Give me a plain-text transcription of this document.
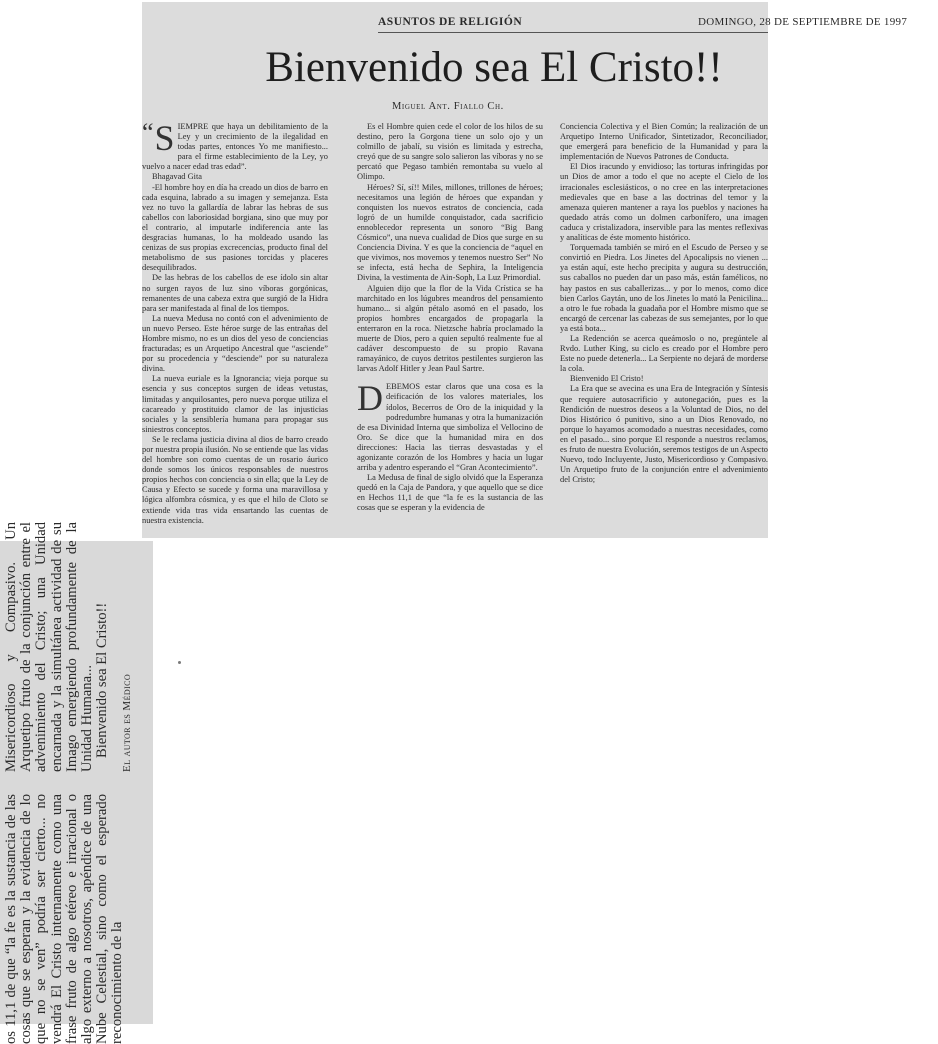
ASUNTOS DE RELIGIÓN	DOMINGO, 28 DE SEPTIEMBRE DE 1997
Bienvenido sea El Cristo!!
Miguel Ant. Fiallo Ch.

“ S IEMPRE que haya un debilitamiento de la Ley y un crecimiento de la ilegalidad en todas partes, entonces Yo me manifiesto... para el firme establecimiento de la Ley, yo vuelvo a nacer edad tras edad”.

Bhagavad Gita

-El hombre hoy en día ha creado un dios de barro en cada esquina, labrado a su imagen y semejanza. Esta vez no tuvo la gallardía de labrar las hebras de sus cabellos con laboriosidad borgiana, sino que muy por el contrario, al imputarle indiferencia ante las desgracias humanas, lo ha moldeado usando las cenizas de sus propias excrecencias, producto final del metabolismo de sus pasiones torcidas y placeres desequilibrados.

De las hebras de los cabellos de ese ídolo sin altar no surgen rayos de luz sino víboras gorgónicas, remanentes de una cabeza extra que surgió de la Hidra para ser manifestada al final de los tiempos.

La nueva Medusa no contó con el advenimiento de un nuevo Perseo. Este héroe surge de las entrañas del Hombre mismo, no es un dios del yeso de conciencias fracturadas; es un Arquetipo Ancestral que “asciende” por su procedencia y “desciende” por su naturaleza divina.

La nueva euriale es la Ignorancia; vieja porque su esencia y sus conceptos surgen de ideas vetustas, limitadas y anquilosantes, pero nueva porque utiliza el cacareado y prostituido clamor de las injusticias sociales y la sensiblería humana para propagar sus siniestros conceptos.

Se le reclama justicia divina al dios de barro creado por nuestra propia ilusión. No se entiende que las vidas del hombre son como cuentas de un rosario áurico donde somos los únicos responsables de nuestros propios hechos con conciencia o sin ella; que la Ley de Causa y Efecto se sucede y forma una maravillosa y lógica alfombra cósmica, y es que el hilo de Cloto se extiende vida tras vida ensartando las cuentas de nuestra existencia.

Es el Hombre quien cede el color de los hilos de su destino, pero la Gorgona tiene un solo ojo y un colmillo de jabalí, su visión es limitada y estrecha, creyó que de su sangre solo salieron las víboras y no se percató que Pegaso también remontaba su vuelo al Olimpo.

Héroes? Sí, sí!! Miles, millones, trillones de héroes; necesitamos una legión de héroes que expandan y conquisten los nuevos estratos de conciencia, cada logró de un humilde conquistador, cada sacrificio ennoblecedor representa un sonoro “Big Bang Cósmico”, una nueva cualidad de Dios que surge en su Conciencia Divina. Y es que la conciencia de “aquel en que vivimos, nos movemos y tenemos nuestro Ser” No se infecta, está hecha de Sephira, la Inteligencia Divina, la vestimenta de Ain-Soph, La Luz Primordial.

Alguien dijo que la flor de la Vida Crística se ha marchitado en los lúgubres meandros del pensamiento humano... si algún pétalo asomó en el pasado, los propios hombres encargados de propagarla la enterraron en la roca. Nietzsche habría proclamado la muerte de Dios, pero a quien sepultó realmente fue al cadáver descompuesto de su propio Ravana ramayánico, de cuyos detritos pestilentes surgieron las larvas Adolf Hitler y Jean Paul Sartre.

DEBEMOS estar claros que una cosa es la deificación de los valores materiales, los ídolos, Becerros de Oro de la iniquidad y la podredumbre humanas y otra la humanización de esa Divinidad Interna que simboliza el Vellocino de Oro. Se dice que la humanidad mira en dos direcciones: Hacia las tierras desvastadas y el agonizante corazón de los Hombres y hacia un lugar arriba y adentro esperando el “Gran Acontecimiento”.

La Medusa de final de siglo olvidó que la Esperanza quedó en la Caja de Pandora, y que aquello que se dice en Hechos 11,1 de que “la fe es la sustancia de las cosas que se esperan y la evidencia de

Conciencia Colectiva y el Bien Común; la realización de un Arquetipo Interno Unificador, Sintetizador, Reconciliador, que emergerá para beneficio de la Humanidad y para la implementación de Nuevos Patrones de Conducta.

El Dios iracundo y envidioso; las torturas infringidas por un Dios de amor a todo el que no acepte el Cielo de los irracionales esclesiásticos, o no cree en las interpretaciones medievales que en base a las doctrinas del temor y la amenaza quieren mantener a raya los pueblos y naciones ha quedado atrás como un dolmen carbonífero, una imagen caduca y cristalizadora, inservible para las mentes reflexivas y analíticas de éste momento histórico.

Torquemada también se miró en el Escudo de Perseo y se convirtió en Piedra. Los Jinetes del Apocalipsis no vienen ... ya están aquí, este hecho precipita y augura su destrucción, sus caballos no pueden dar un paso más, están famélicos, no hay pastos en sus caballerizas... y por lo menos, como dice bien Carlos Gaytán, uno de los Jinetes lo mató la Penicilina... a otro le fue robada la guadaña por el Hombre mismo que se encargó de cercenar las cabezas de sus semejantes, por lo que ya está bota...

La Redención se acerca queámoslo o no, pregúntele al Rvdo. Luther King, su ciclo es creado por el Hombre pero Este no puede detenerla... La Serpiente no dejará de morderse la cola.

Bienvenido El Cristo!

La Era que se avecina es una Era de Integración y Síntesis que requiere autosacrificio y autonegación, pues es la Rendición de nuestros deseos a la Voluntad de Dios, no del Dios Histórico ó punitivo, sino a un Dios Renovado, no porque lo hayamos acomodado a nuestras necesidades, como en el pasado... sino porque El responde a nuestros reclamos, es fruto de nuestra Evolución, seremos testigos de un Aspecto Nuevo, todo Incluyente, Justo, Misericordioso y Compasivo. Un Arquetipo fruto de la conjunción entre el advenimiento del Cristo;

os 11,1 de que “la fe es la sustancia de las cosas que se esperan y la evidencia de lo que no se ven” podría ser cierto... no vendrá El Cristo internamente como una frase fruto de algo etéreo e irracional o algo externo a nosotros, apéndice de una Nube Celestial, sino como el esperado reconocimiento de la

Misericordioso y Compasivo. Un Arquetipo fruto de la conjunción entre el advenimiento del Cristo; una Unidad encarnada y la simultánea actividad de su Imago emergiendo profundamente de la Unidad Humana... Bienvenido sea El Cristo!! El autor es Médico
